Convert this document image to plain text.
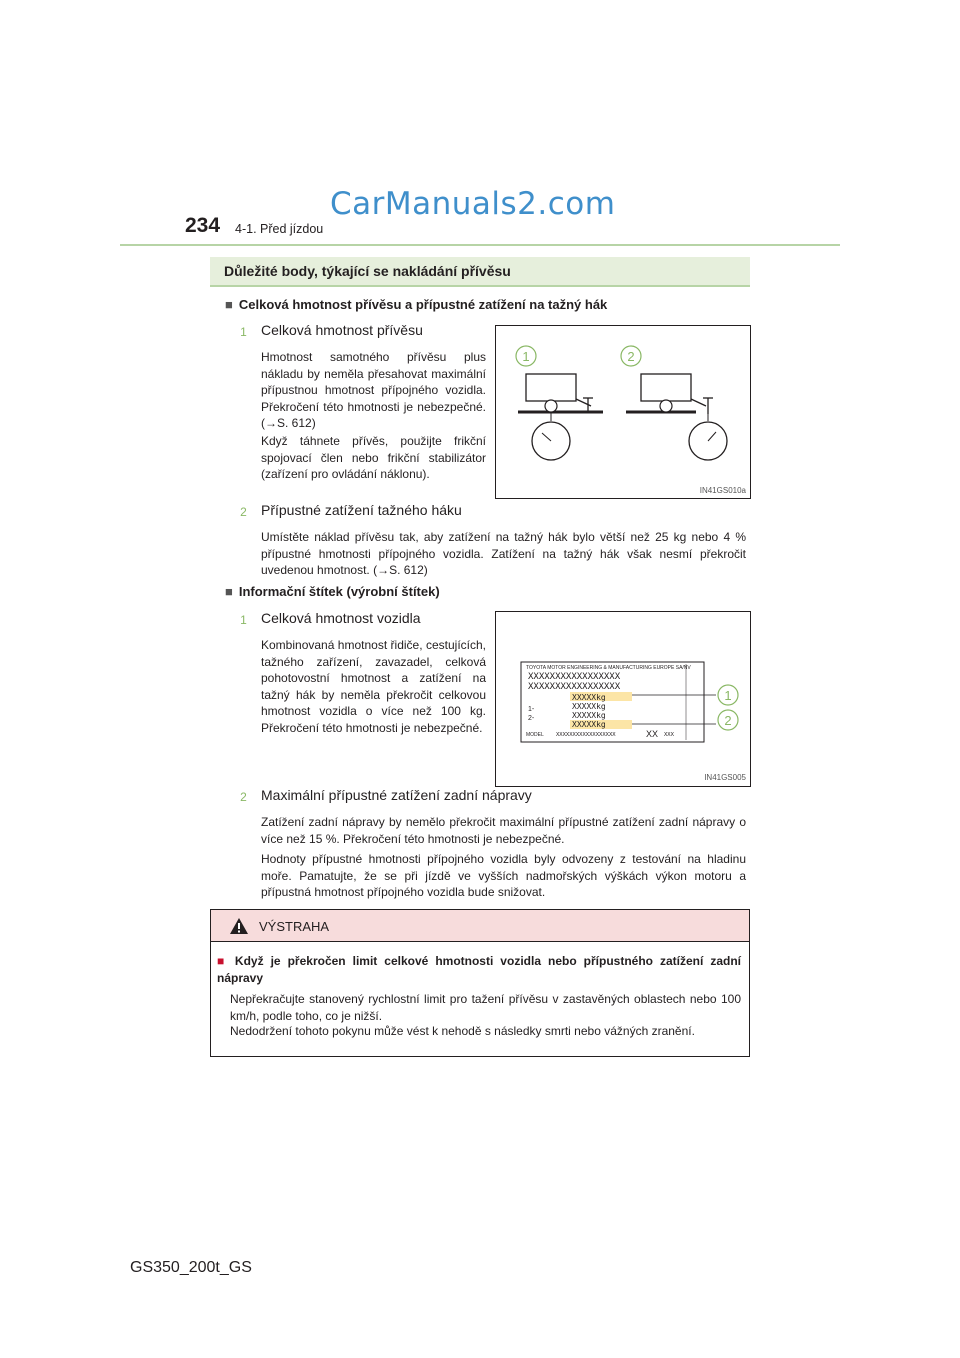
CarManuals2.com
234 4-1. Před jízdou
Důležité body, týkající se nakládání přívěsu
■ Celková hmotnost přívěsu a přípustné zatížení na tažný hák
1 Celková hmotnost přívěsu
Hmotnost samotného přívěsu plus nákladu by neměla přesahovat maximální přípustnou hmotnost přípojného vozidla. Překročení této hmotnosti je nebezpečné. (→S. 612)
Když táhnete přívěs, použijte frikční spojovací člen nebo frikční stabilizátor (zařízení pro ovládání náklonu).
1	2
IN41GS010a
2 Přípustné zatížení tažného háku
Umístěte náklad přívěsu tak, aby zatížení na tažný hák bylo větší než 25 kg nebo 4 % přípustné hmotnosti přípojného vozidla. Zatížení na tažný hák však nesmí překročit uvedenou hmotnost. (→S. 612)
■ Informační štítek (výrobní štítek)
1 Celková hmotnost vozidla
Kombinovaná hmotnost řidiče, cestujících, tažného zařízení, zavazadel, celková pohotovostní hmotnost a zatížení na tažný hák by neměla překročit celkovou hmotnost vozidla o více než 100 kg. Překročení této hmotnosti je nebezpečné.
TOYOTA MOTOR ENGINEERING & MANUFACTURING EUROPE SA/NV
XXXXXXXXXXXXXXXXX
XXXXXXXXXXXXXXXXX
XXXXXkg
XXXXXkg
1-
XXXXXkg
2-
XXXXXkg
MODEL XXXXXXXXXXXXXXXXXX	XX XXX
1
2
IN41GS005
2 Maximální přípustné zatížení zadní nápravy
Zatížení zadní nápravy by nemělo překročit maximální přípustné zatížení zadní nápravy o více než 15 %. Překročení této hmotnosti je nebezpečné.
Hodnoty přípustné hmotnosti přípojného vozidla byly odvozeny z testování na hladinu moře. Pamatujte, že se při jízdě ve vyšších nadmořských výškách výkon motoru a přípustná hmotnost přípojného vozidla bude snižovat.
VÝSTRAHA
■ Když je překročen limit celkové hmotnosti vozidla nebo přípustného zatížení zadní nápravy
Nepřekračujte stanovený rychlostní limit pro tažení přívěsu v zastavěných oblastech nebo 100 km/h, podle toho, co je nižší.
Nedodržení tohoto pokynu může vést k nehodě s následky smrti nebo vážných zranění.
GS350_200t_GS
